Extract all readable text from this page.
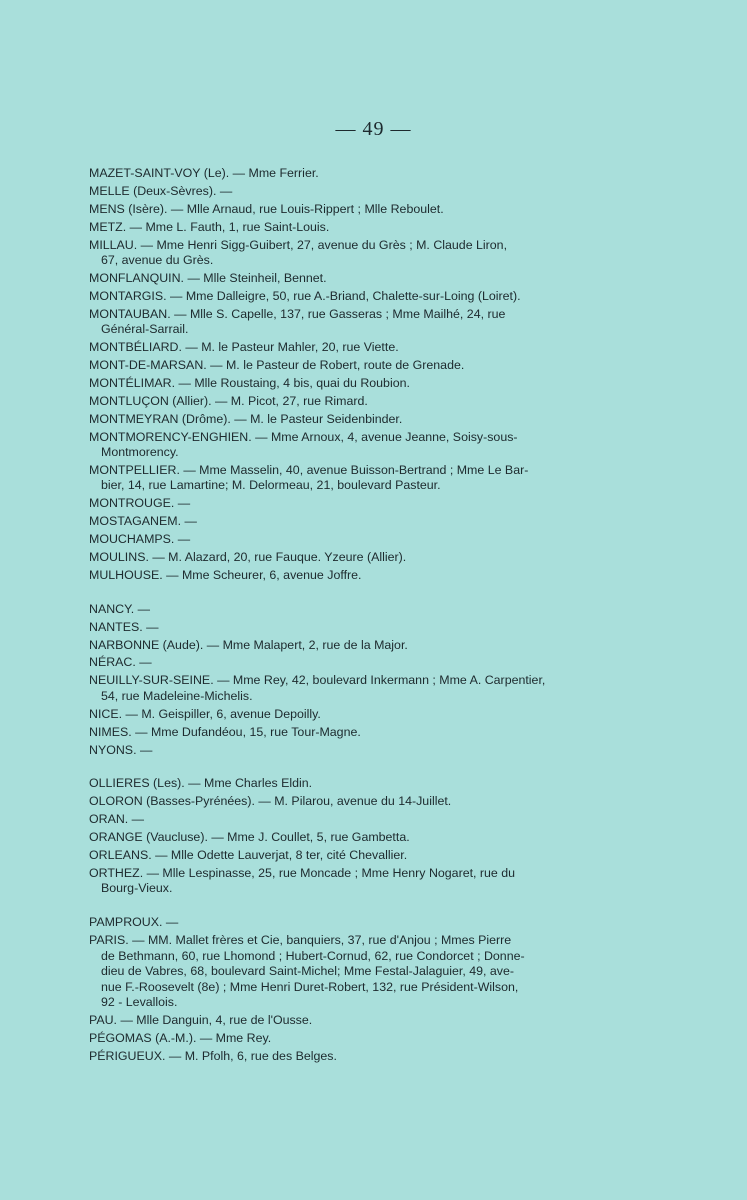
— 49 —
MAZET-SAINT-VOY (Le). — Mme Ferrier.
MELLE (Deux-Sèvres). —
MENS (Isère). — Mlle Arnaud, rue Louis-Rippert ; Mlle Reboulet.
METZ. — Mme L. Fauth, 1, rue Saint-Louis.
MILLAU. — Mme Henri Sigg-Guibert, 27, avenue du Grès ; M. Claude Liron,
67, avenue du Grès.
MONFLANQUIN. — Mlle Steinheil, Bennet.
MONTARGIS. — Mme Dalleigre, 50, rue A.-Briand, Chalette-sur-Loing (Loiret).
MONTAUBAN. — Mlle S. Capelle, 137, rue Gasseras ; Mme Mailhé, 24, rue
Général-Sarrail.
MONTBÉLIARD. — M. le Pasteur Mahler, 20, rue Viette.
MONT-DE-MARSAN. — M. le Pasteur de Robert, route de Grenade.
MONTÉLIMAR. — Mlle Roustaing, 4 bis, quai du Roubion.
MONTLUÇON (Allier). — M. Picot, 27, rue Rimard.
MONTMEYRAN (Drôme). — M. le Pasteur Seidenbinder.
MONTMORENCY-ENGHIEN. — Mme Arnoux, 4, avenue Jeanne, Soisy-sous-
Montmorency.
MONTPELLIER. — Mme Masselin, 40, avenue Buisson-Bertrand ; Mme Le Bar-
bier, 14, rue Lamartine; M. Delormeau, 21, boulevard Pasteur.
MONTROUGE. —
MOSTAGANEM. —
MOUCHAMPS. —
MOULINS. — M. Alazard, 20, rue Fauque. Yzeure (Allier).
MULHOUSE. — Mme Scheurer, 6, avenue Joffre.
NANCY. —
NANTES. —
NARBONNE (Aude). — Mme Malapert, 2, rue de la Major.
NÉRAC. —
NEUILLY-SUR-SEINE. — Mme Rey, 42, boulevard Inkermann ; Mme A. Carpentier,
54, rue Madeleine-Michelis.
NICE. — M. Geispiller, 6, avenue Depoilly.
NIMES. — Mme Dufandéou, 15, rue Tour-Magne.
NYONS. —
OLLIERES (Les). — Mme Charles Eldin.
OLORON (Basses-Pyrénées). — M. Pilarou, avenue du 14-Juillet.
ORAN. —
ORANGE (Vaucluse). — Mme J. Coullet, 5, rue Gambetta.
ORLEANS. — Mlle Odette Lauverjat, 8 ter, cité Chevallier.
ORTHEZ. — Mlle Lespinasse, 25, rue Moncade ; Mme Henry Nogaret, rue du
Bourg-Vieux.
PAMPROUX. —
PARIS. — MM. Mallet frères et Cie, banquiers, 37, rue d'Anjou ; Mmes Pierre
de Bethmann, 60, rue Lhomond ; Hubert-Cornud, 62, rue Condorcet ; Donne-
dieu de Vabres, 68, boulevard Saint-Michel; Mme Festal-Jalaguier, 49, ave-
nue F.-Roosevelt (8e) ; Mme Henri Duret-Robert, 132, rue Président-Wilson,
92 - Levallois.
PAU. — Mlle Danguin, 4, rue de l'Ousse.
PÉGOMAS (A.-M.). — Mme Rey.
PÉRIGUEUX. — M. Pfolh, 6, rue des Belges.
